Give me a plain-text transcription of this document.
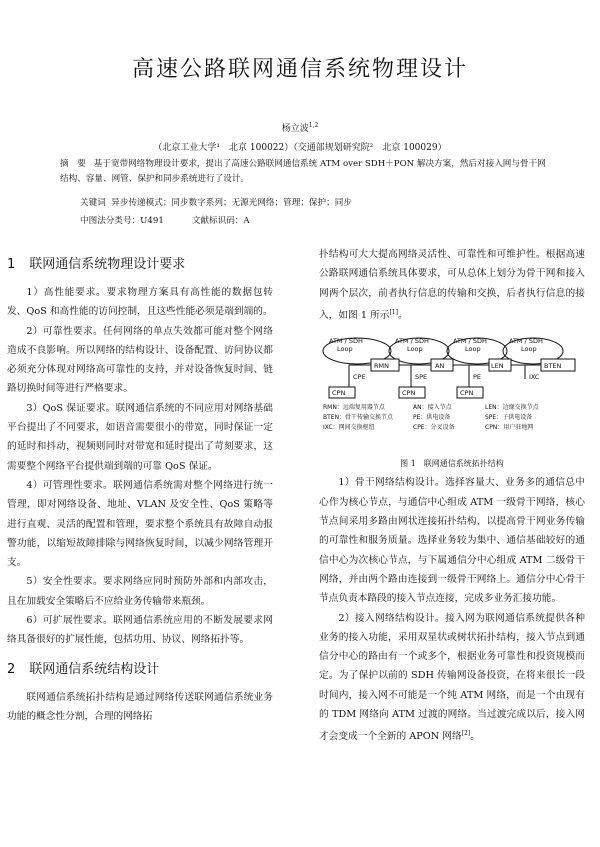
高速公路联网通信系统物理设计
杨立波$^{1,2}$
（北京工业大学¹　北京 100022）（交通部规划研究院²　北京 100029）
摘　要 基于宽带网络物理设计要求，提出了高速公路联网通信系统 ATM over SDH＋PON 解决方案，然后对接入网与骨干网结构、容量、网管、保护和同步系统进行了设计。
关键词 异步传递模式；同步数字系列；无源光网络；管理；保护；同步
中图法分类号：U491	文献标识码：A
1 联网通信系统物理设计要求

1）高性能要求。要求物理方案具有高性能的数据包转发、QoS 和高性能的访问控制，且这些性能必须是端到端的。

2）可靠性要求。任何网络的单点失效都可能对整个网络造成不良影响。所以网络的结构设计、设备配置、访问协议都必须充分体现对网络高可靠性的支持，并对设备恢复时间、链路切换时间等进行严格要求。

3）QoS 保证要求。联网通信系统的不同应用对网络基础平台提出了不同要求，如语音需要很小的带宽，同时保证一定的延时和抖动，视频则同时对带宽和延时提出了苛刻要求，这需要整个网络平台提供端到端的可靠 QoS 保证。

4）可管理性要求。联网通信系统需对整个网络进行统一管理，即对网络设备、地址、VLAN 及安全性、QoS 策略等进行直观、灵活的配置和管理，要求整个系统具有故障自动报警功能，以缩短故障排除与网络恢复时间，以减少网络管理开支。

5）安全性要求。要求网络应同时预防外部和内部攻击，且在加载安全策略后不应给业务传输带来瓶颈。

6）可扩展性要求。联网通信系统应用的不断发展要求网络具备很好的扩展性能，包括功用、协议、网络拓扑等。

2 联网通信系统结构设计

联网通信系统拓扑结构是通过网络传送联网通信系统业务功能的概念性分割，合理的网络拓

扑结构可大大提高网络灵活性、可靠性和可维护性。根据高速公路联网通信系统具体要求，可从总体上划分为骨干网和接入网两个层次，前者执行信息的传输和交换，后者执行信息的接入，如图 1 所示[1]。

ATM / SDH
Loop
ATM / SDH
Loop
ATM / SDH
Loop
ATM / SDH
Loop
RMN	AN	LEN	BTEN
CPE	SPE	PE	IXC
CPN	CPN	CPN
RMN：远端复用器节点	AN：接入节点	LEN：边缘交换节点
BTEN：骨干传输交换节点	PE：供电设备	SPE：子供电设备
IXC：网间交换枢纽	CPE：分叉设备	CPN：用户驻地网
图 1　联网通信系统拓扑结构

1）骨干网络结构设计。选择容量大、业务多的通信总中心作为核心节点，与通信中心组成 ATM 一级骨干网络，核心节点间采用多路由网状连接拓扑结构，以提高骨干网业务传输的可靠性和服务质量。选择业务较为集中、通信基础较好的通信中心为次核心节点，与下属通信分中心组成 ATM 二级骨干网络，并由两个路由连接到一级骨干网络上。通信分中心骨干节点负责本路段的接入节点连接，完成多业务汇接功能。

2）接入网络结构设计。接入网为联网通信系统提供各种业务的接入功能，采用双星状或树状拓扑结构，接入节点到通信分中心的路由有一个或多个，根据业务可靠性和投资规模而定。为了保护以前的 SDH 传输网设备投资，在将来很长一段时间内，接入网不可能是一个纯 ATM 网络，而是一个由现有的 TDM 网络向 ATM 过渡的网络。当过渡完成以后，接入网才会变成一个全新的 APON 网络[2]。
